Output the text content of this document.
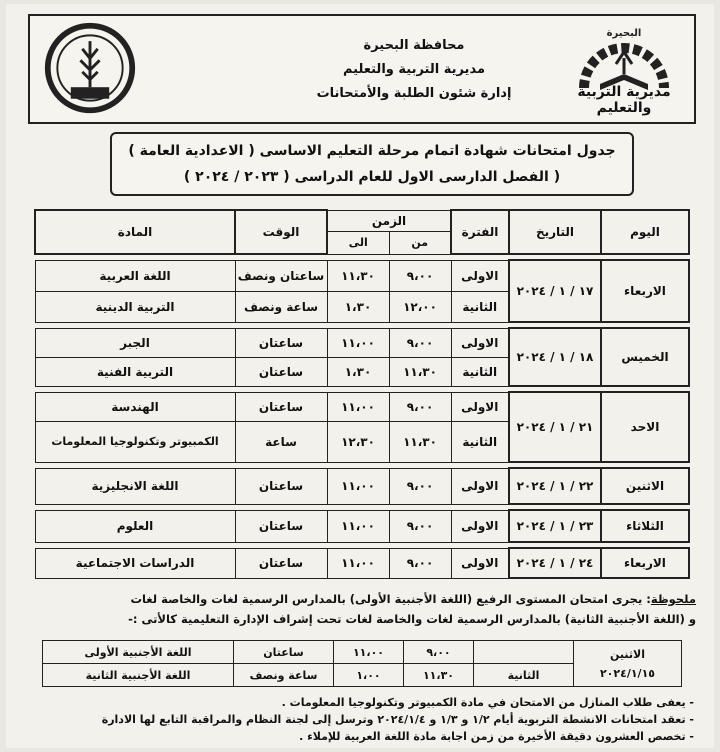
محافظة البحيرة
مديرية التربية والتعليم
إدارة شئون الطلبة والأمتحانات
البحيرة
مديرية التربية والتعليم
جدول امتحانات شهادة اتمام مرحلة التعليم الاساسى ( الاعدادية العامة )
( الفصل الدارسى الاول للعام الدراسى ( ٢٠٢٣ / ٢٠٢٤ )
اليوم	التاريخ	الفترة	الزمن		الوقت	المادة
			من	الى		

الاربعاء	١٧ / ١ / ٢٠٢٤	الاولى	٩،٠٠	١١،٣٠	ساعتان ونصف	اللغة العربية
		الثانية	١٢،٠٠	١،٣٠	ساعة ونصف	التربية الدينية

الخميس	١٨ / ١ / ٢٠٢٤	الاولى	٩،٠٠	١١،٠٠	ساعتان	الجبر
		الثانية	١١،٣٠	١،٣٠	ساعتان	التربية الفنية

الاحد	٢١ / ١ / ٢٠٢٤	الاولى	٩،٠٠	١١،٠٠	ساعتان	الهندسة
		الثانية	١١،٣٠	١٢،٣٠	ساعة	الكمبيوتر وتكنولوجيا المعلومات

الاثنين	٢٢ / ١ / ٢٠٢٤	الاولى	٩،٠٠	١١،٠٠	ساعتان	اللغة الانجليزية

الثلاثاء	٢٣ / ١ / ٢٠٢٤	الاولى	٩،٠٠	١١،٠٠	ساعتان	العلوم

الاربعاء	٢٤ / ١ / ٢٠٢٤	الاولى	٩،٠٠	١١،٠٠	ساعتان	الدراسات الاجتماعية
ملحوظة: يجرى امتحان المستوى الرفيع (اللغة الأجنبية الأولى) بالمدارس الرسمية لغات والخاصة لغات
و (اللغة الأجنبية الثانية) بالمدارس الرسمية لغات والخاصة لغات تحت إشراف الإدارة التعليمية كالأتى :-
الاثنين
٢٠٢٤/١/١٥		٩،٠٠	١١،٠٠	ساعتان	اللغة الأجنبية الأولى
	الثانية	١١،٣٠	١،٠٠	ساعة ونصف	اللغة الأجنبية الثانية
- يعفى طلاب المنازل من الامتحان في مادة الكمبيوتر وتكنولوجيا المعلومات .
- تعقد امتحانات الانشطة التربوية أيام ١/٢ و ١/٣ و ٢٠٢٤/١/٤ وترسل إلى لجنة النظام والمراقبة التابع لها الادارة
- تخصص العشرون دقيقة الأخيرة من زمن اجابة مادة اللغة العربية للإملاء .
